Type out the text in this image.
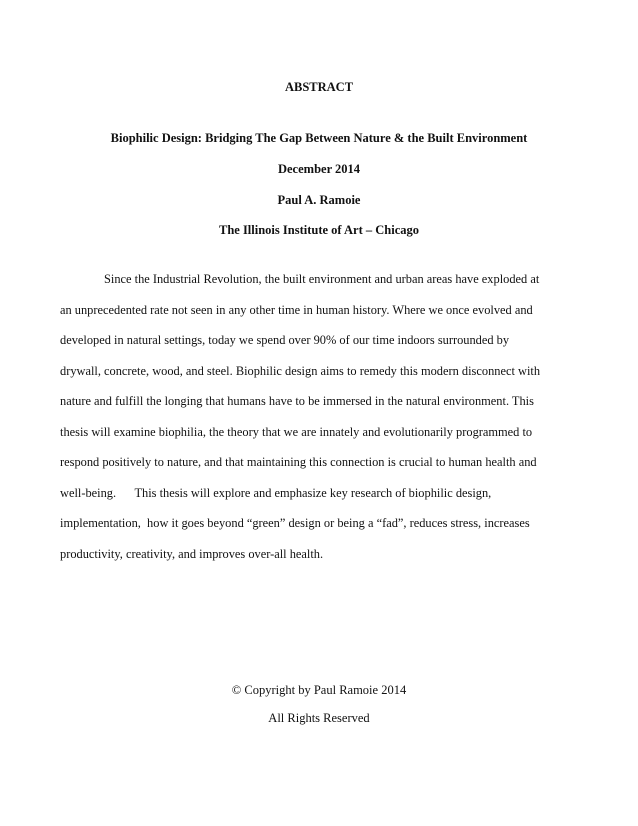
ABSTRACT
Biophilic Design: Bridging The Gap Between Nature & the Built Environment
December 2014
Paul A. Ramoie
The Illinois Institute of Art – Chicago
Since the Industrial Revolution, the built environment and urban areas have exploded at
an unprecedented rate not seen in any other time in human history. Where we once evolved and
developed in natural settings, today we spend over 90% of our time indoors surrounded by
drywall, concrete, wood, and steel. Biophilic design aims to remedy this modern disconnect with
nature and fulfill the longing that humans have to be immersed in the natural environment. This
thesis will examine biophilia, the theory that we are innately and evolutionarily programmed to
respond positively to nature, and that maintaining this connection is crucial to human health and
well-being.      This thesis will explore and emphasize key research of biophilic design,
implementation,  how it goes beyond “green” design or being a “fad”, reduces stress, increases
productivity, creativity, and improves over-all health.
© Copyright by Paul Ramoie 2014
All Rights Reserved
